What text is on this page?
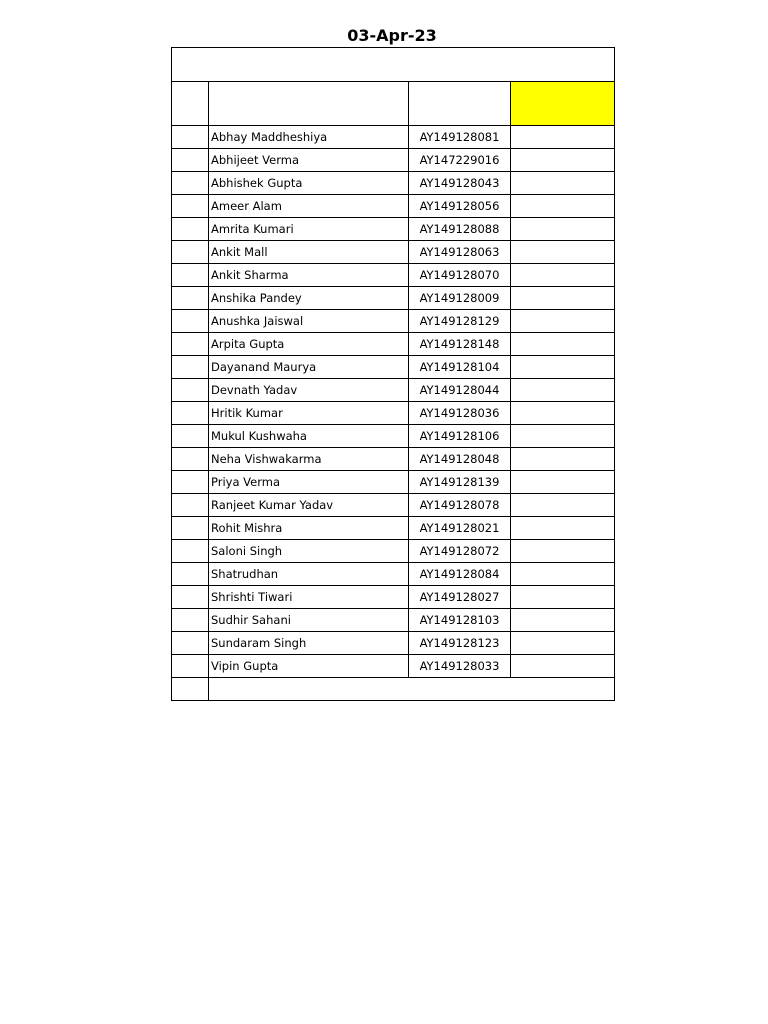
03-Apr-23

	Abhay Maddheshiya	AY149128081	
	Abhijeet Verma	AY147229016	
	Abhishek Gupta	AY149128043	
	Ameer Alam	AY149128056	
	Amrita Kumari	AY149128088	
	Ankit Mall	AY149128063	
	Ankit Sharma	AY149128070	
	Anshika Pandey	AY149128009	
	Anushka Jaiswal	AY149128129	
	Arpita Gupta	AY149128148	
	Dayanand Maurya	AY149128104	
	Devnath Yadav	AY149128044	
	Hritik Kumar	AY149128036	
	Mukul Kushwaha	AY149128106	
	Neha Vishwakarma	AY149128048	
	Priya Verma	AY149128139	
	Ranjeet Kumar Yadav	AY149128078	
	Rohit Mishra	AY149128021	
	Saloni Singh	AY149128072	
	Shatrudhan	AY149128084	
	Shrishti Tiwari	AY149128027	
	Sudhir Sahani	AY149128103	
	Sundaram Singh	AY149128123	
	Vipin Gupta	AY149128033	
